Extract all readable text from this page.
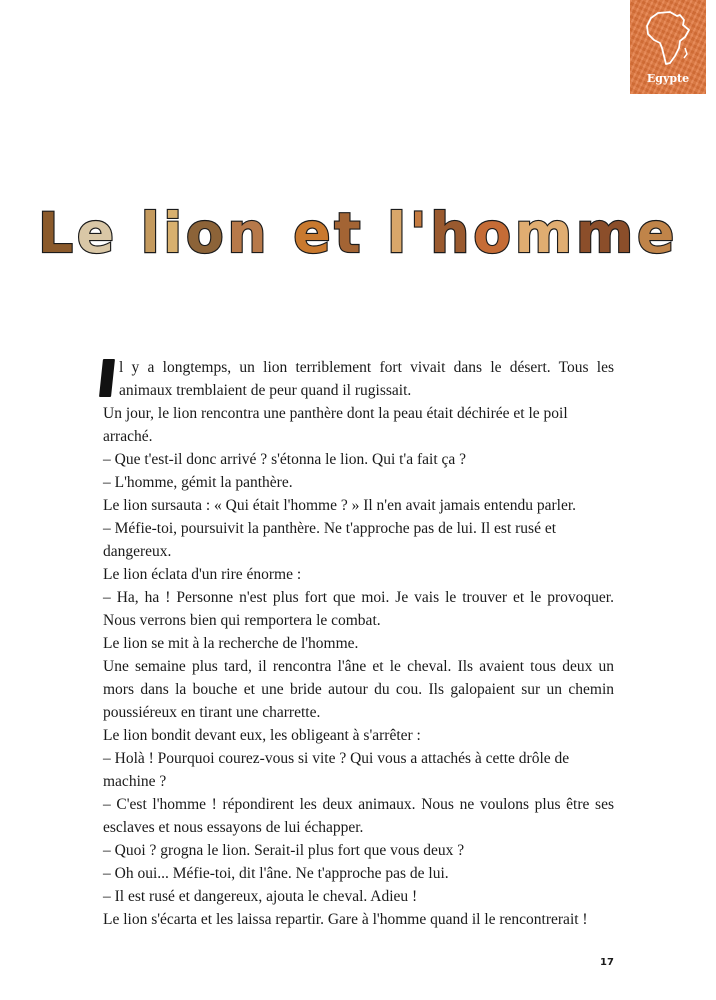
Egypte
Le lion et l'homme

l y a longtemps, un lion terriblement fort vivait dans le désert. Tous les animaux tremblaient de peur quand il rugissait.

Un jour, le lion rencontra une panthère dont la peau était déchirée et le poil arraché.

– Que t'est-il donc arrivé ? s'étonna le lion. Qui t'a fait ça ?

– L'homme, gémit la panthère.

Le lion sursauta : « Qui était l'homme ? » Il n'en avait jamais entendu parler.

– Méfie-toi, poursuivit la panthère. Ne t'approche pas de lui. Il est rusé et dangereux.

Le lion éclata d'un rire énorme :

– Ha, ha ! Personne n'est plus fort que moi. Je vais le trouver et le provoquer. Nous verrons bien qui remportera le combat.

Le lion se mit à la recherche de l'homme.

Une semaine plus tard, il rencontra l'âne et le cheval. Ils avaient tous deux un mors dans la bouche et une bride autour du cou. Ils galopaient sur un chemin poussiéreux en tirant une charrette.

Le lion bondit devant eux, les obligeant à s'arrêter :

– Holà ! Pourquoi courez-vous si vite ? Qui vous a attachés à cette drôle de machine ?

– C'est l'homme ! répondirent les deux animaux. Nous ne voulons plus être ses esclaves et nous essayons de lui échapper.

– Quoi ? grogna le lion. Serait-il plus fort que vous deux ?

– Oh oui... Méfie-toi, dit l'âne. Ne t'approche pas de lui.

– Il est rusé et dangereux, ajouta le cheval. Adieu !

Le lion s'écarta et les laissa repartir. Gare à l'homme quand il le rencontrerait !

17
